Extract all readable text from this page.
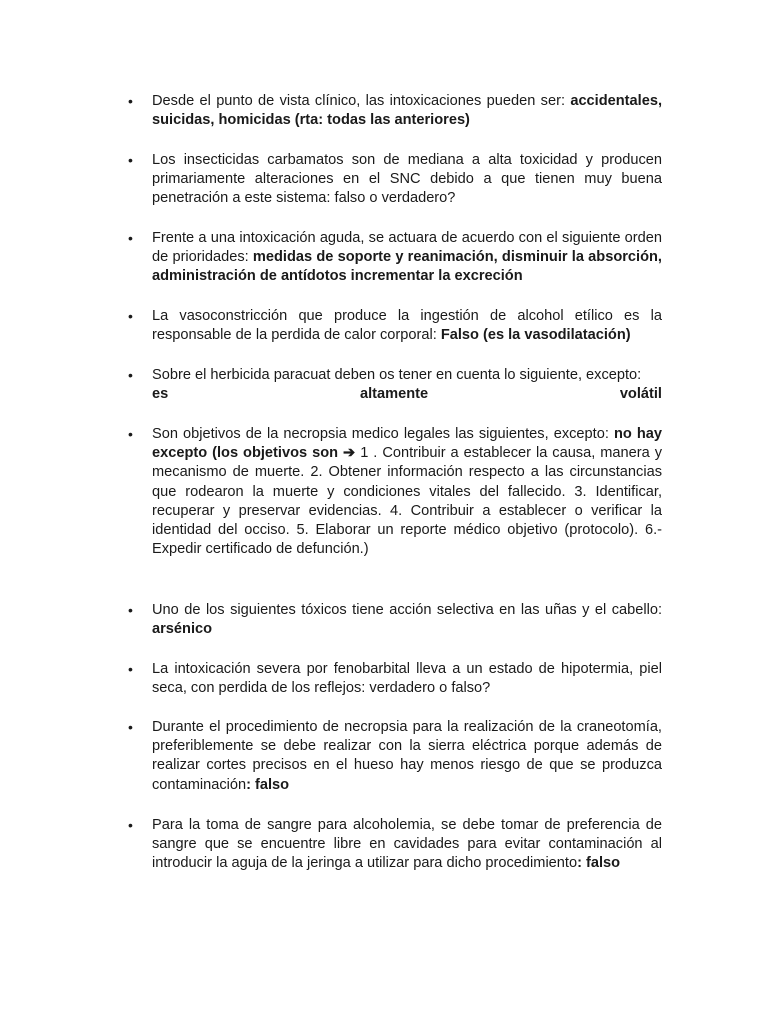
• Desde el punto de vista clínico, las intoxicaciones pueden ser: accidentales, suicidas, homicidas (rta: todas las anteriores)
• Los insecticidas carbamatos son de mediana a alta toxicidad y producen primariamente alteraciones en el SNC debido a que tienen muy buena penetración a este sistema: falso o verdadero?
• Frente a una intoxicación aguda, se actuara de acuerdo con el siguiente orden de prioridades: medidas de soporte y reanimación, disminuir la absorción, administración de antídotos incrementar la excreción
• La vasoconstricción que produce la ingestión de alcohol etílico es la responsable de la perdida de calor corporal: Falso (es la vasodilatación)
• Sobre el herbicida paracuat deben os tener en cuenta lo siguiente, excepto:
es	altamente	volátil
• Son objetivos de la necropsia medico legales las siguientes, excepto: no hay excepto (los objetivos son ➔ 1 . Contribuir a establecer la causa, manera y mecanismo de muerte. 2. Obtener información respecto a las circunstancias que rodearon la muerte y condiciones vitales del fallecido. 3. Identificar, recuperar y preservar evidencias. 4. Contribuir a establecer o verificar la identidad del occiso. 5. Elaborar un reporte médico objetivo (protocolo). 6.- Expedir certificado de defunción.)
• Uno de los siguientes tóxicos tiene acción selectiva en las uñas y el cabello: arsénico
• La intoxicación severa por fenobarbital lleva a un estado de hipotermia, piel seca, con perdida de los reflejos: verdadero o falso?
• Durante el procedimiento de necropsia para la realización de la craneotomía, preferiblemente se debe realizar con la sierra eléctrica porque además de realizar cortes precisos en el hueso hay menos riesgo de que se produzca contaminación: falso
• Para la toma de sangre para alcoholemia, se debe tomar de preferencia de sangre que se encuentre libre en cavidades para evitar contaminación al introducir la aguja de la jeringa a utilizar para dicho procedimiento: falso
